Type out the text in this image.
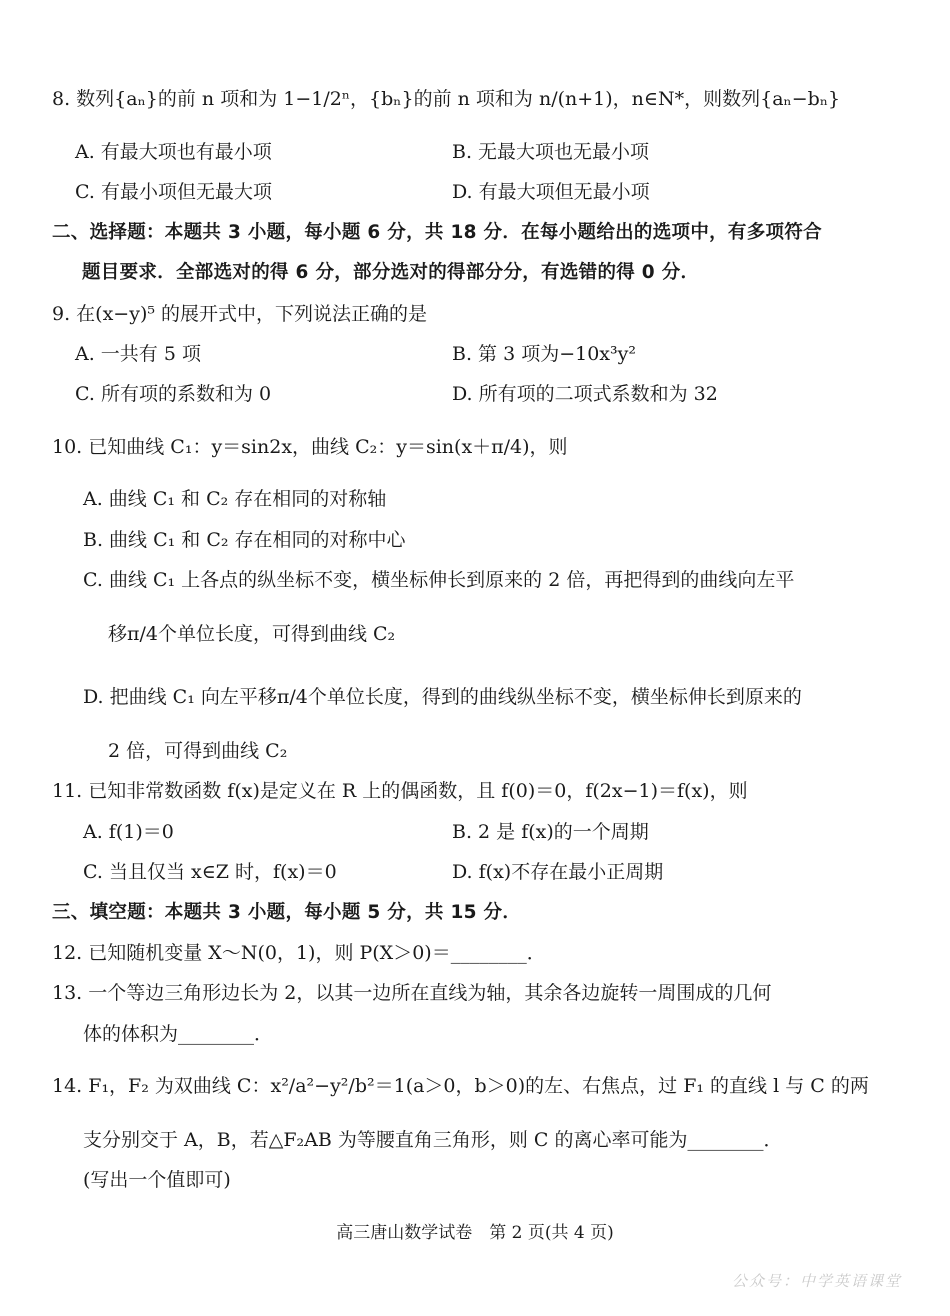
8. 数列{aₙ}的前 n 项和为 1−1/2ⁿ，{bₙ}的前 n 项和为 n/(n+1)，n∈N*，则数列{aₙ−bₙ}
A. 有最大项也有最小项	B. 无最大项也无最小项
C. 有最小项但无最大项	D. 有最大项但无最小项
二、选择题：本题共 3 小题，每小题 6 分，共 18 分．在每小题给出的选项中，有多项符合
题目要求．全部选对的得 6 分，部分选对的得部分分，有选错的得 0 分．
9. 在(x−y)⁵ 的展开式中，下列说法正确的是
A. 一共有 5 项	B. 第 3 项为−10x³y²
C. 所有项的系数和为 0	D. 所有项的二项式系数和为 32
10. 已知曲线 C₁：y＝sin2x，曲线 C₂：y＝sin(x＋π/4)，则
A. 曲线 C₁ 和 C₂ 存在相同的对称轴
B. 曲线 C₁ 和 C₂ 存在相同的对称中心
C. 曲线 C₁ 上各点的纵坐标不变，横坐标伸长到原来的 2 倍，再把得到的曲线向左平
移π/4个单位长度，可得到曲线 C₂
D. 把曲线 C₁ 向左平移π/4个单位长度，得到的曲线纵坐标不变，横坐标伸长到原来的
2 倍，可得到曲线 C₂
11. 已知非常数函数 f(x)是定义在 R 上的偶函数，且 f(0)＝0，f(2x−1)＝f(x)，则
A. f(1)＝0	B. 2 是 f(x)的一个周期
C. 当且仅当 x∈Z 时，f(x)＝0	D. f(x)不存在最小正周期
三、填空题：本题共 3 小题，每小题 5 分，共 15 分．
12. 已知随机变量 X～N(0，1)，则 P(X＞0)＝________．
13. 一个等边三角形边长为 2，以其一边所在直线为轴，其余各边旋转一周围成的几何
体的体积为________．
14. F₁，F₂ 为双曲线 C：x²/a²−y²/b²＝1(a＞0，b＞0)的左、右焦点，过 F₁ 的直线 l 与 C 的两
支分别交于 A，B，若△F₂AB 为等腰直角三角形，则 C 的离心率可能为________．
(写出一个值即可)
高三唐山数学试卷　第 2 页(共 4 页)
公众号：中学英语课堂
